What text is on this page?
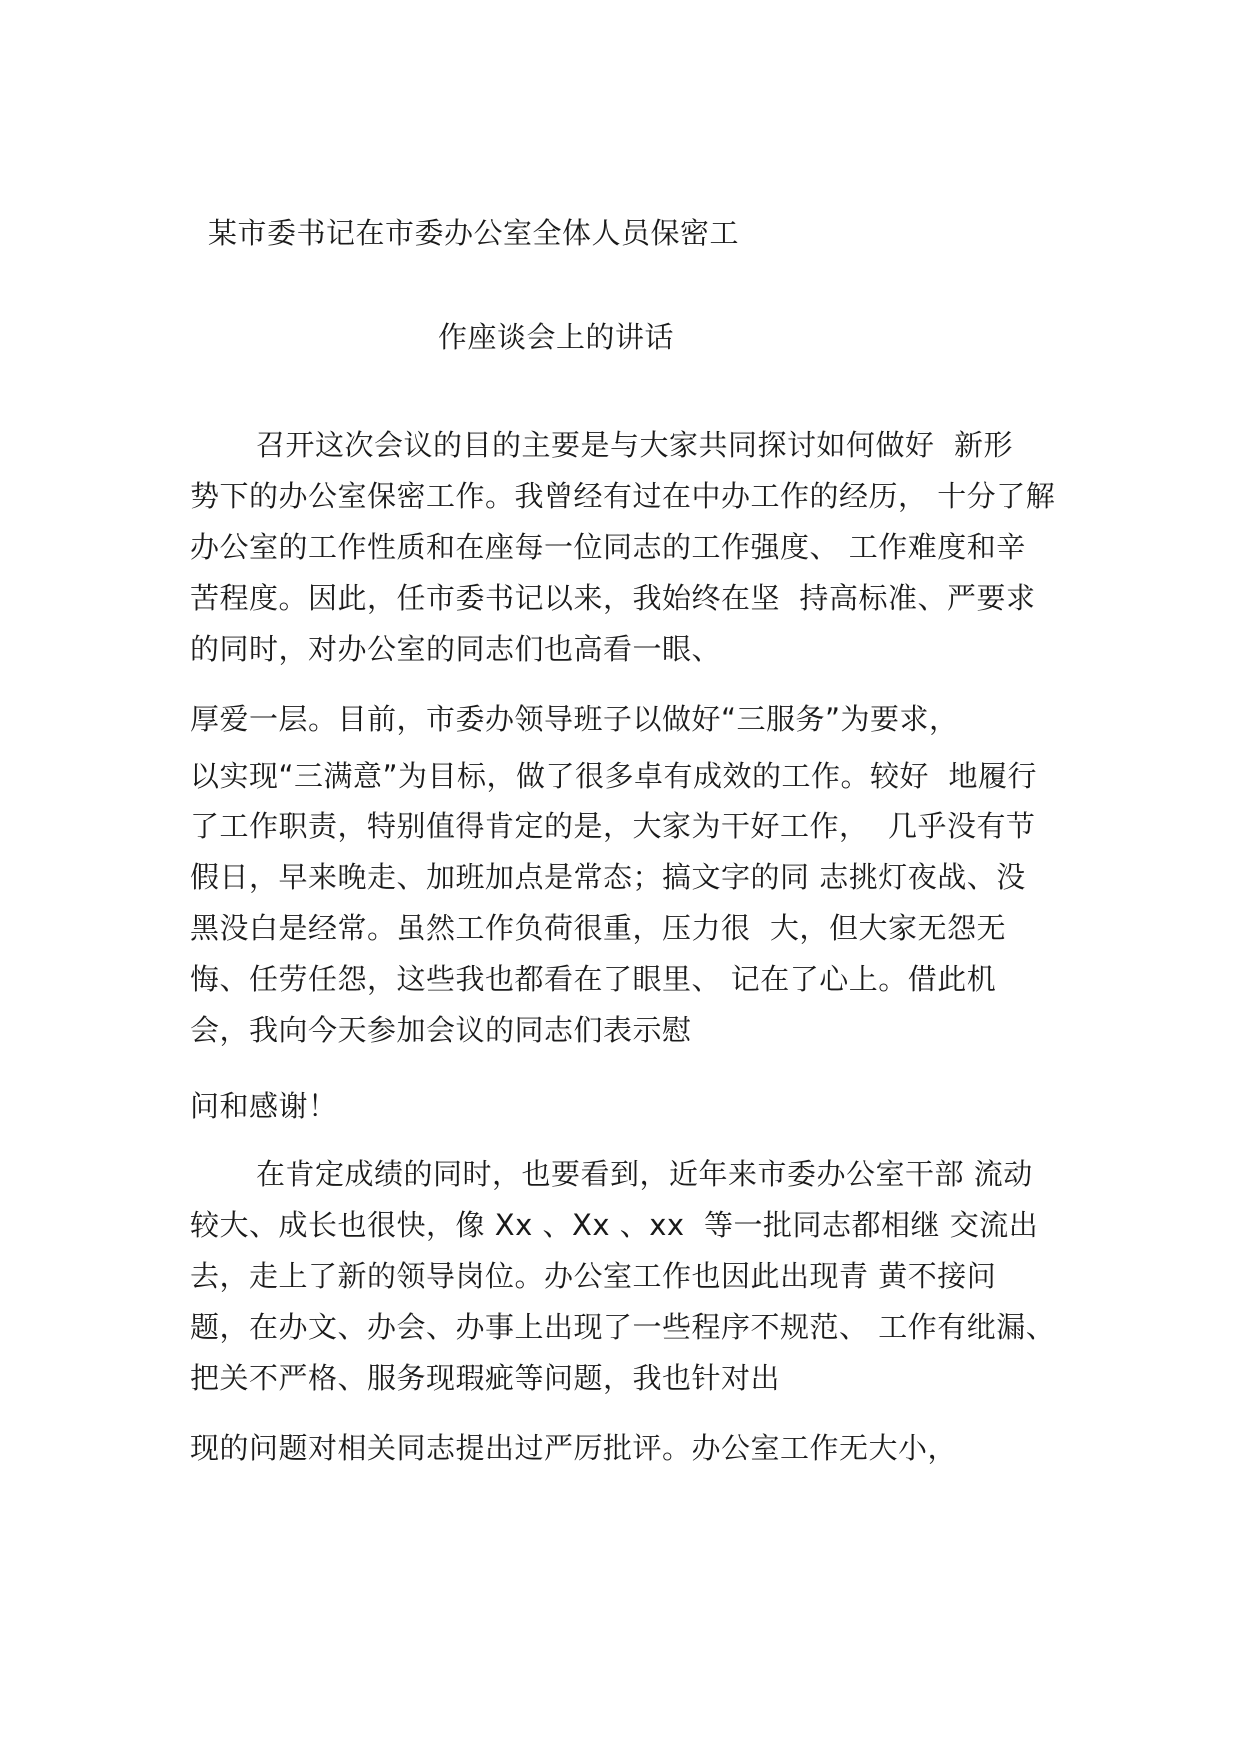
某市委书记在市委办公室全体人员保密工
作座谈会上的讲话
召开这次会议的目的主要是与大家共同探讨如何做好  新形
势下的办公室保密工作。我曾经有过在中办工作的经历， 十分了解
办公室的工作性质和在座每一位同志的工作强度、 工作难度和辛
苦程度。因此，任市委书记以来，我始终在坚  持高标准、严要求
的同时，对办公室的同志们也高看一眼、
厚爱一层。目前，市委办领导班子以做好“三服务”为要求，
以实现“三满意”为目标，做了很多卓有成效的工作。较好  地履行
了工作职责，特别值得肯定的是，大家为干好工作，  几乎没有节
假日，早来晚走、加班加点是常态；搞文字的同 志挑灯夜战、没
黑没白是经常。虽然工作负荷很重，压力很  大，但大家无怨无
悔、任劳任怨，这些我也都看在了眼里、 记在了心上。借此机
会，我向今天参加会议的同志们表示慰
问和感谢！
在肯定成绩的同时，也要看到，近年来市委办公室干部 流动
较大、成长也很快，像 Xx 、Xx 、xx  等一批同志都相继 交流出
去，走上了新的领导岗位。办公室工作也因此出现青 黄不接问
题，在办文、办会、办事上出现了一些程序不规范、 工作有纰漏、
把关不严格、服务现瑕疵等问题，我也针对出
现的问题对相关同志提出过严厉批评。办公室工作无大小，
